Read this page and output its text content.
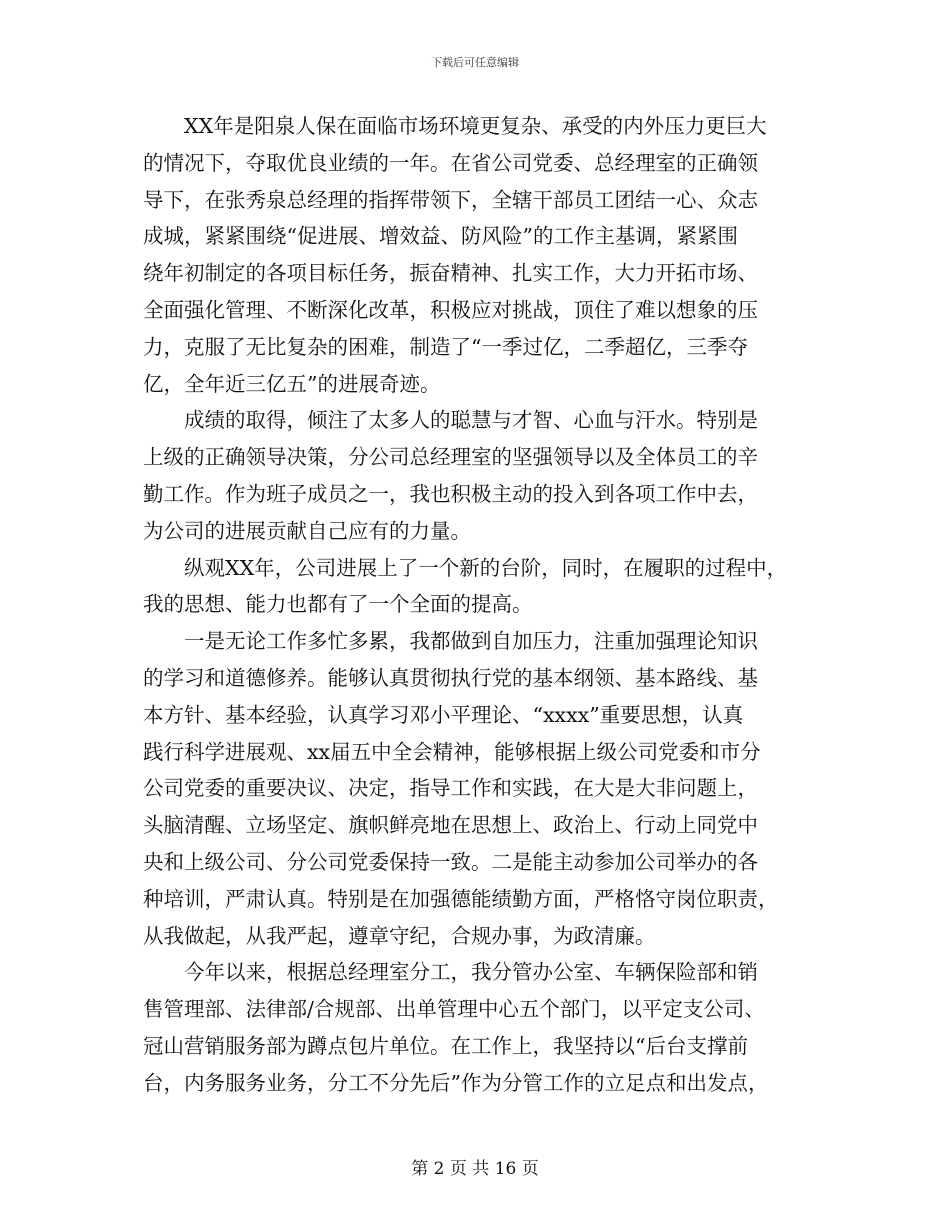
下载后可任意编辑
XX年是阳泉人保在面临市场环境更复杂、承受的内外压力更巨大
的情况下，夺取优良业绩的一年。在省公司党委、总经理室的正确领
导下，在张秀泉总经理的指挥带领下，全辖干部员工团结一心、众志
成城，紧紧围绕“促进展、增效益、防风险”的工作主基调，紧紧围
绕年初制定的各项目标任务，振奋精神、扎实工作，大力开拓市场、
全面强化管理、不断深化改革，积极应对挑战，顶住了难以想象的压
力，克服了无比复杂的困难，制造了“一季过亿，二季超亿，三季夺
亿，全年近三亿五”的进展奇迹。
成绩的取得，倾注了太多人的聪慧与才智、心血与汗水。特别是
上级的正确领导决策，分公司总经理室的坚强领导以及全体员工的辛
勤工作。作为班子成员之一，我也积极主动的投入到各项工作中去，
为公司的进展贡献自己应有的力量。
纵观XX年，公司进展上了一个新的台阶，同时，在履职的过程中，
我的思想、能力也都有了一个全面的提高。
一是无论工作多忙多累，我都做到自加压力，注重加强理论知识
的学习和道德修养。能够认真贯彻执行党的基本纲领、基本路线、基
本方针、基本经验，认真学习邓小平理论、“xxxx”重要思想，认真
践行科学进展观、xx届五中全会精神，能够根据上级公司党委和市分
公司党委的重要决议、决定，指导工作和实践，在大是大非问题上，
头脑清醒、立场坚定、旗帜鲜亮地在思想上、政治上、行动上同党中
央和上级公司、分公司党委保持一致。二是能主动参加公司举办的各
种培训，严肃认真。特别是在加强德能绩勤方面，严格恪守岗位职责，
从我做起，从我严起，遵章守纪，合规办事，为政清廉。
今年以来，根据总经理室分工，我分管办公室、车辆保险部和销
售管理部、法律部/合规部、出单管理中心五个部门，以平定支公司、
冠山营销服务部为蹲点包片单位。在工作上，我坚持以“后台支撑前
台，内务服务业务，分工不分先后”作为分管工作的立足点和出发点，
第 2 页 共 16 页
